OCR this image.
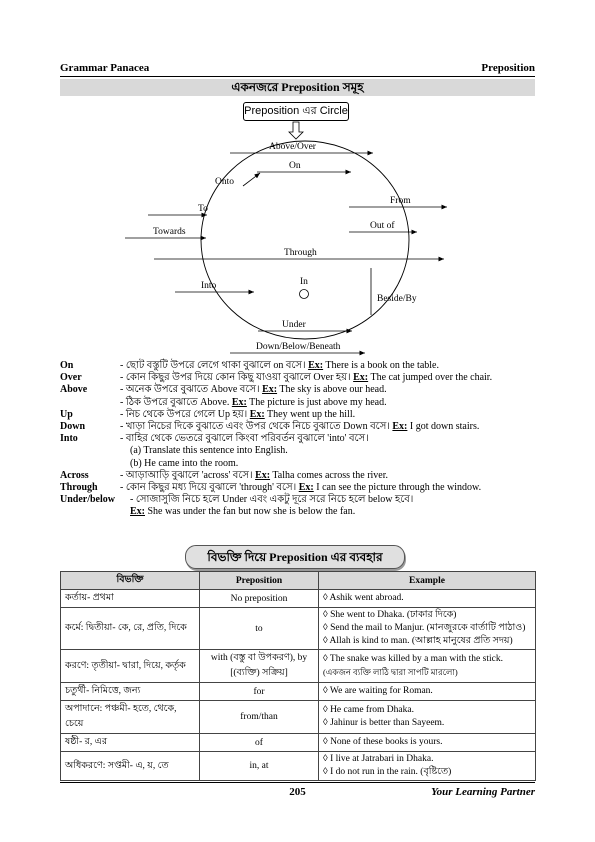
Grammar Panacea	Preposition
একনজরে Preposition সমূহ
Preposition এর Circle
Above/Over
On
Onto
To
Towards
From
Out of
Through
In
Into
Beside/By
Under
Down/Below/Beneath
On	- ছোট বস্তুটি উপরে লেগে থাকা বুঝালে on বসে। Ex: There is a book on the table.
Over	- কোন কিছুর উপর দিয়ে কোন কিছু যাওয়া বুঝালে Over হয়। Ex: The cat jumped over the chair.
Above	- অনেক উপরে বুঝাতে Above বসে। Ex: The sky is above our head.
- ঠিক উপরে বুঝাতে Above. Ex: The picture is just above my head.
Up	- নিচ থেকে উপরে গেলে Up হয়। Ex: They went up the hill.
Down	- খাড়া নিচের দিকে বুঝাতে এবং উপর থেকে নিচে বুঝাতে Down বসে। Ex: I got down stairs.
Into	- বাহির থেকে ভেতরে বুঝালে কিংবা পরিবর্তন বুঝালে 'into' বসে।
(a) Translate this sentence into English.
(b) He came into the room.
Across	- আড়াআড়ি বুঝালে 'across' বসে। Ex: Talha comes across the river.
Through	- কোন কিছুর মধ্য দিয়ে বুঝালে 'through' বসে। Ex: I can see the picture through the window.
Under/below	- সোজাসুজি নিচে হলে Under এবং একটু দূরে সরে নিচে হলে below হবে।
Ex: She was under the fan but now she is below the fan.
বিভক্তি দিয়ে Preposition এর ব্যবহার
বিভক্তি	Preposition	Example
কর্তায়- প্রথমা	No preposition	◊ Ashik went abroad.

কর্মে: দ্বিতীয়া- কে, রে, প্রতি, দিকে	to	◊ She went to Dhaka. (ঢাকার দিকে)
◊ Send the mail to Manjur. (মানজুরকে বার্তাটি পাঠাও)
◊ Allah is kind to man. (আল্লাহ মানুষের প্রতি সদয়)

করণে: তৃতীয়া- দ্বারা, দিয়ে, কর্তৃক	with (বস্তু বা উপকরণ), by [(ব্যক্তি) সক্রিয়]	◊ The snake was killed by a man with the stick.
(একজন ব্যক্তি লাঠি দ্বারা সাপটি মারলো)

চতুর্থী- নিমিত্তে, জন্য	for	◊ We are waiting for Roman.

অপাদানে: পঞ্চমী- হতে, থেকে, চেয়ে	from/than	◊ He came from Dhaka.
◊ Jahinur is better than Sayeem.

ষষ্ঠী- র, এর	of	◊ None of these books is yours.

অধিকরণে: সপ্তমী- এ, য়, তে	in, at	◊ I live at Jatrabari in Dhaka.
◊ I do not run in the rain. (বৃষ্টিতে)
205	Your Learning Partner
